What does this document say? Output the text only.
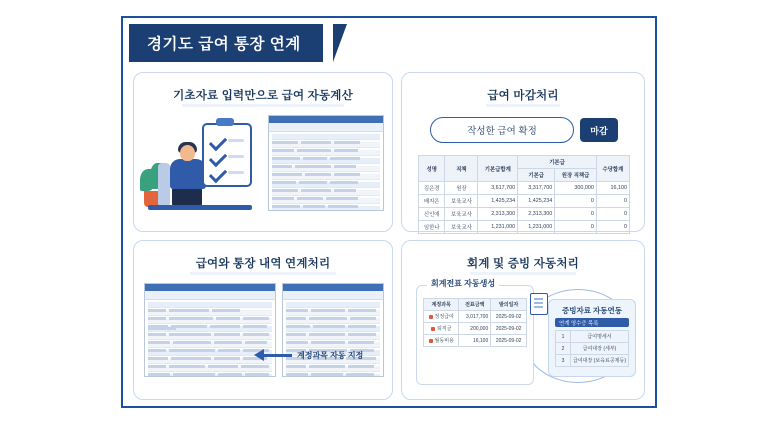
경기도 급여 통장 연계
기초자료 입력만으로 급여 자동계산	급여 마감처리
작성한 급여 확정	마감
성명	직책	기본급합계	기본급		수당합계
			기본급	원장 직책급	
김은경	원장	3,617,700	3,317,700	300,000	16,100
배지은	보육교사	1,425,234	1,425,234	0	0
신인애	보육교사	2,313,300	2,313,300	0	0
임한나	보육교사	1,231,000	1,231,000	0	0
급여와 통장 내역 연계처리
계정과목 자동 지정
회계 및 증빙 자동처리
회계전표 자동생성
계정과목	전표금액	발의일자
정정급여	3,017,700	2025-09-02
퇴직금	200,000	2025-09-02
월동비용	16,100	2025-09-02
증빙자료 자동연동
연계 영수증 목록
1	급여명세서
2	급여대장 (세부)
3	급여대장 (보육료공제등)
